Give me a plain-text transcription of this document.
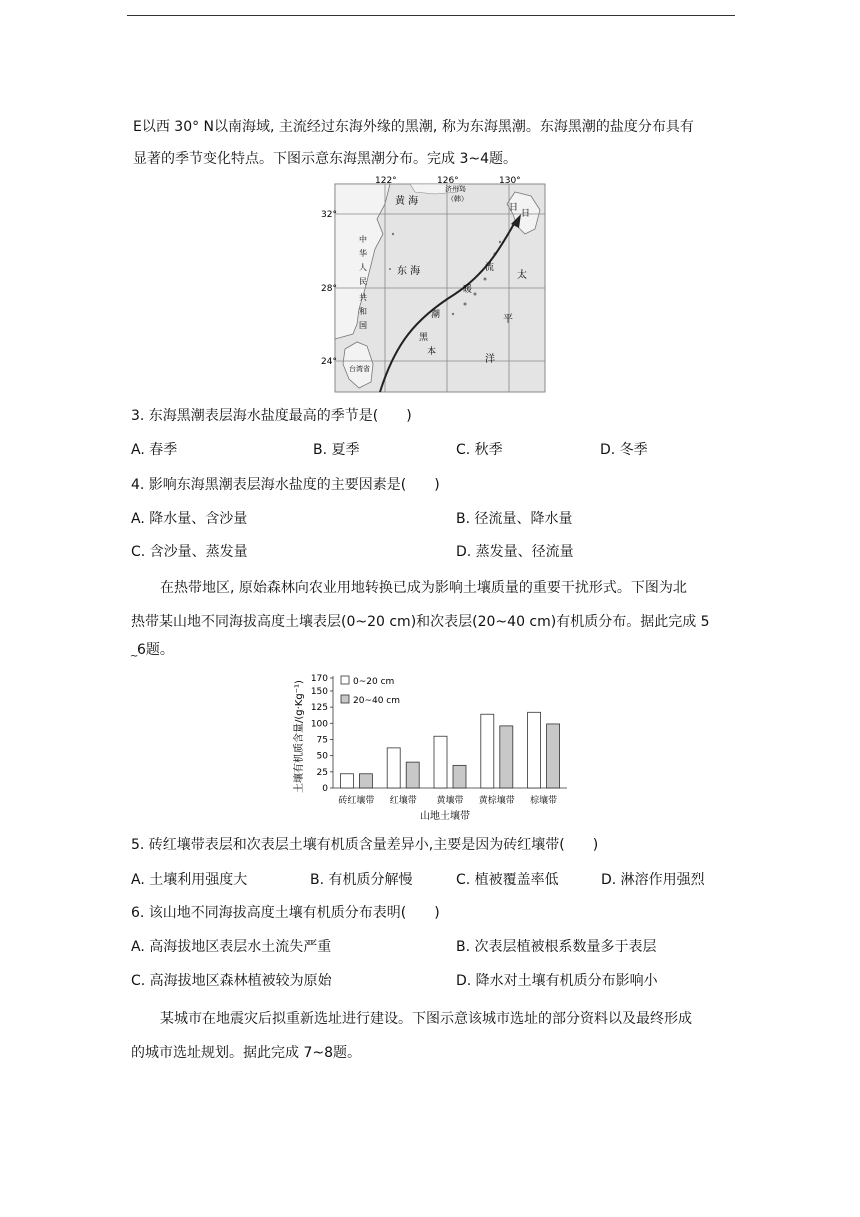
E以西 30° N以南海域, 主流经过东海外缘的黑潮, 称为东海黑潮。东海黑潮的盐度分布具有
显著的季节变化特点。下图示意东海黑潮分布。完成 3~4题。
122°	126°	130°
32°
28°
24°
黄 海
济州岛
（韩）
东 海
中
华
人
民
共
和
国
日
流
暖
潮
黑
本
日
太
平
洋
台湾省
3. 东海黑潮表层海水盐度最高的季节是(　　)
A. 春季	B. 夏季	C. 秋季	D. 冬季
4. 影响东海黑潮表层海水盐度的主要因素是(　　)
A. 降水量、含沙量	B. 径流量、降水量
C. 含沙量、蒸发量	D. 蒸发量、径流量
在热带地区, 原始森林向农业用地转换已成为影响土壤质量的重要干扰形式。下图为北
热带某山地不同海拔高度土壤表层(0~20 cm)和次表层(20~40 cm)有机质分布。据此完成 5
~
6题。
土壤有机质含量/(g·Kg⁻¹) 0
25
50
75
100
125
150
170
砖红壤带 红壤带 黄壤带 黄棕壤带 棕壤带
0~20 cm
20~40 cm
山地土壤带
5. 砖红壤带表层和次表层土壤有机质含量差异小,主要是因为砖红壤带(　　)
A. 土壤利用强度大	B. 有机质分解慢	C. 植被覆盖率低	D. 淋溶作用强烈
6. 该山地不同海拔高度土壤有机质分布表明(　　)
A. 高海拔地区表层水土流失严重	B. 次表层植被根系数量多于表层
C. 高海拔地区森林植被较为原始	D. 降水对土壤有机质分布影响小
某城市在地震灾后拟重新选址进行建设。下图示意该城市选址的部分资料以及最终形成
的城市选址规划。据此完成 7~8题。
